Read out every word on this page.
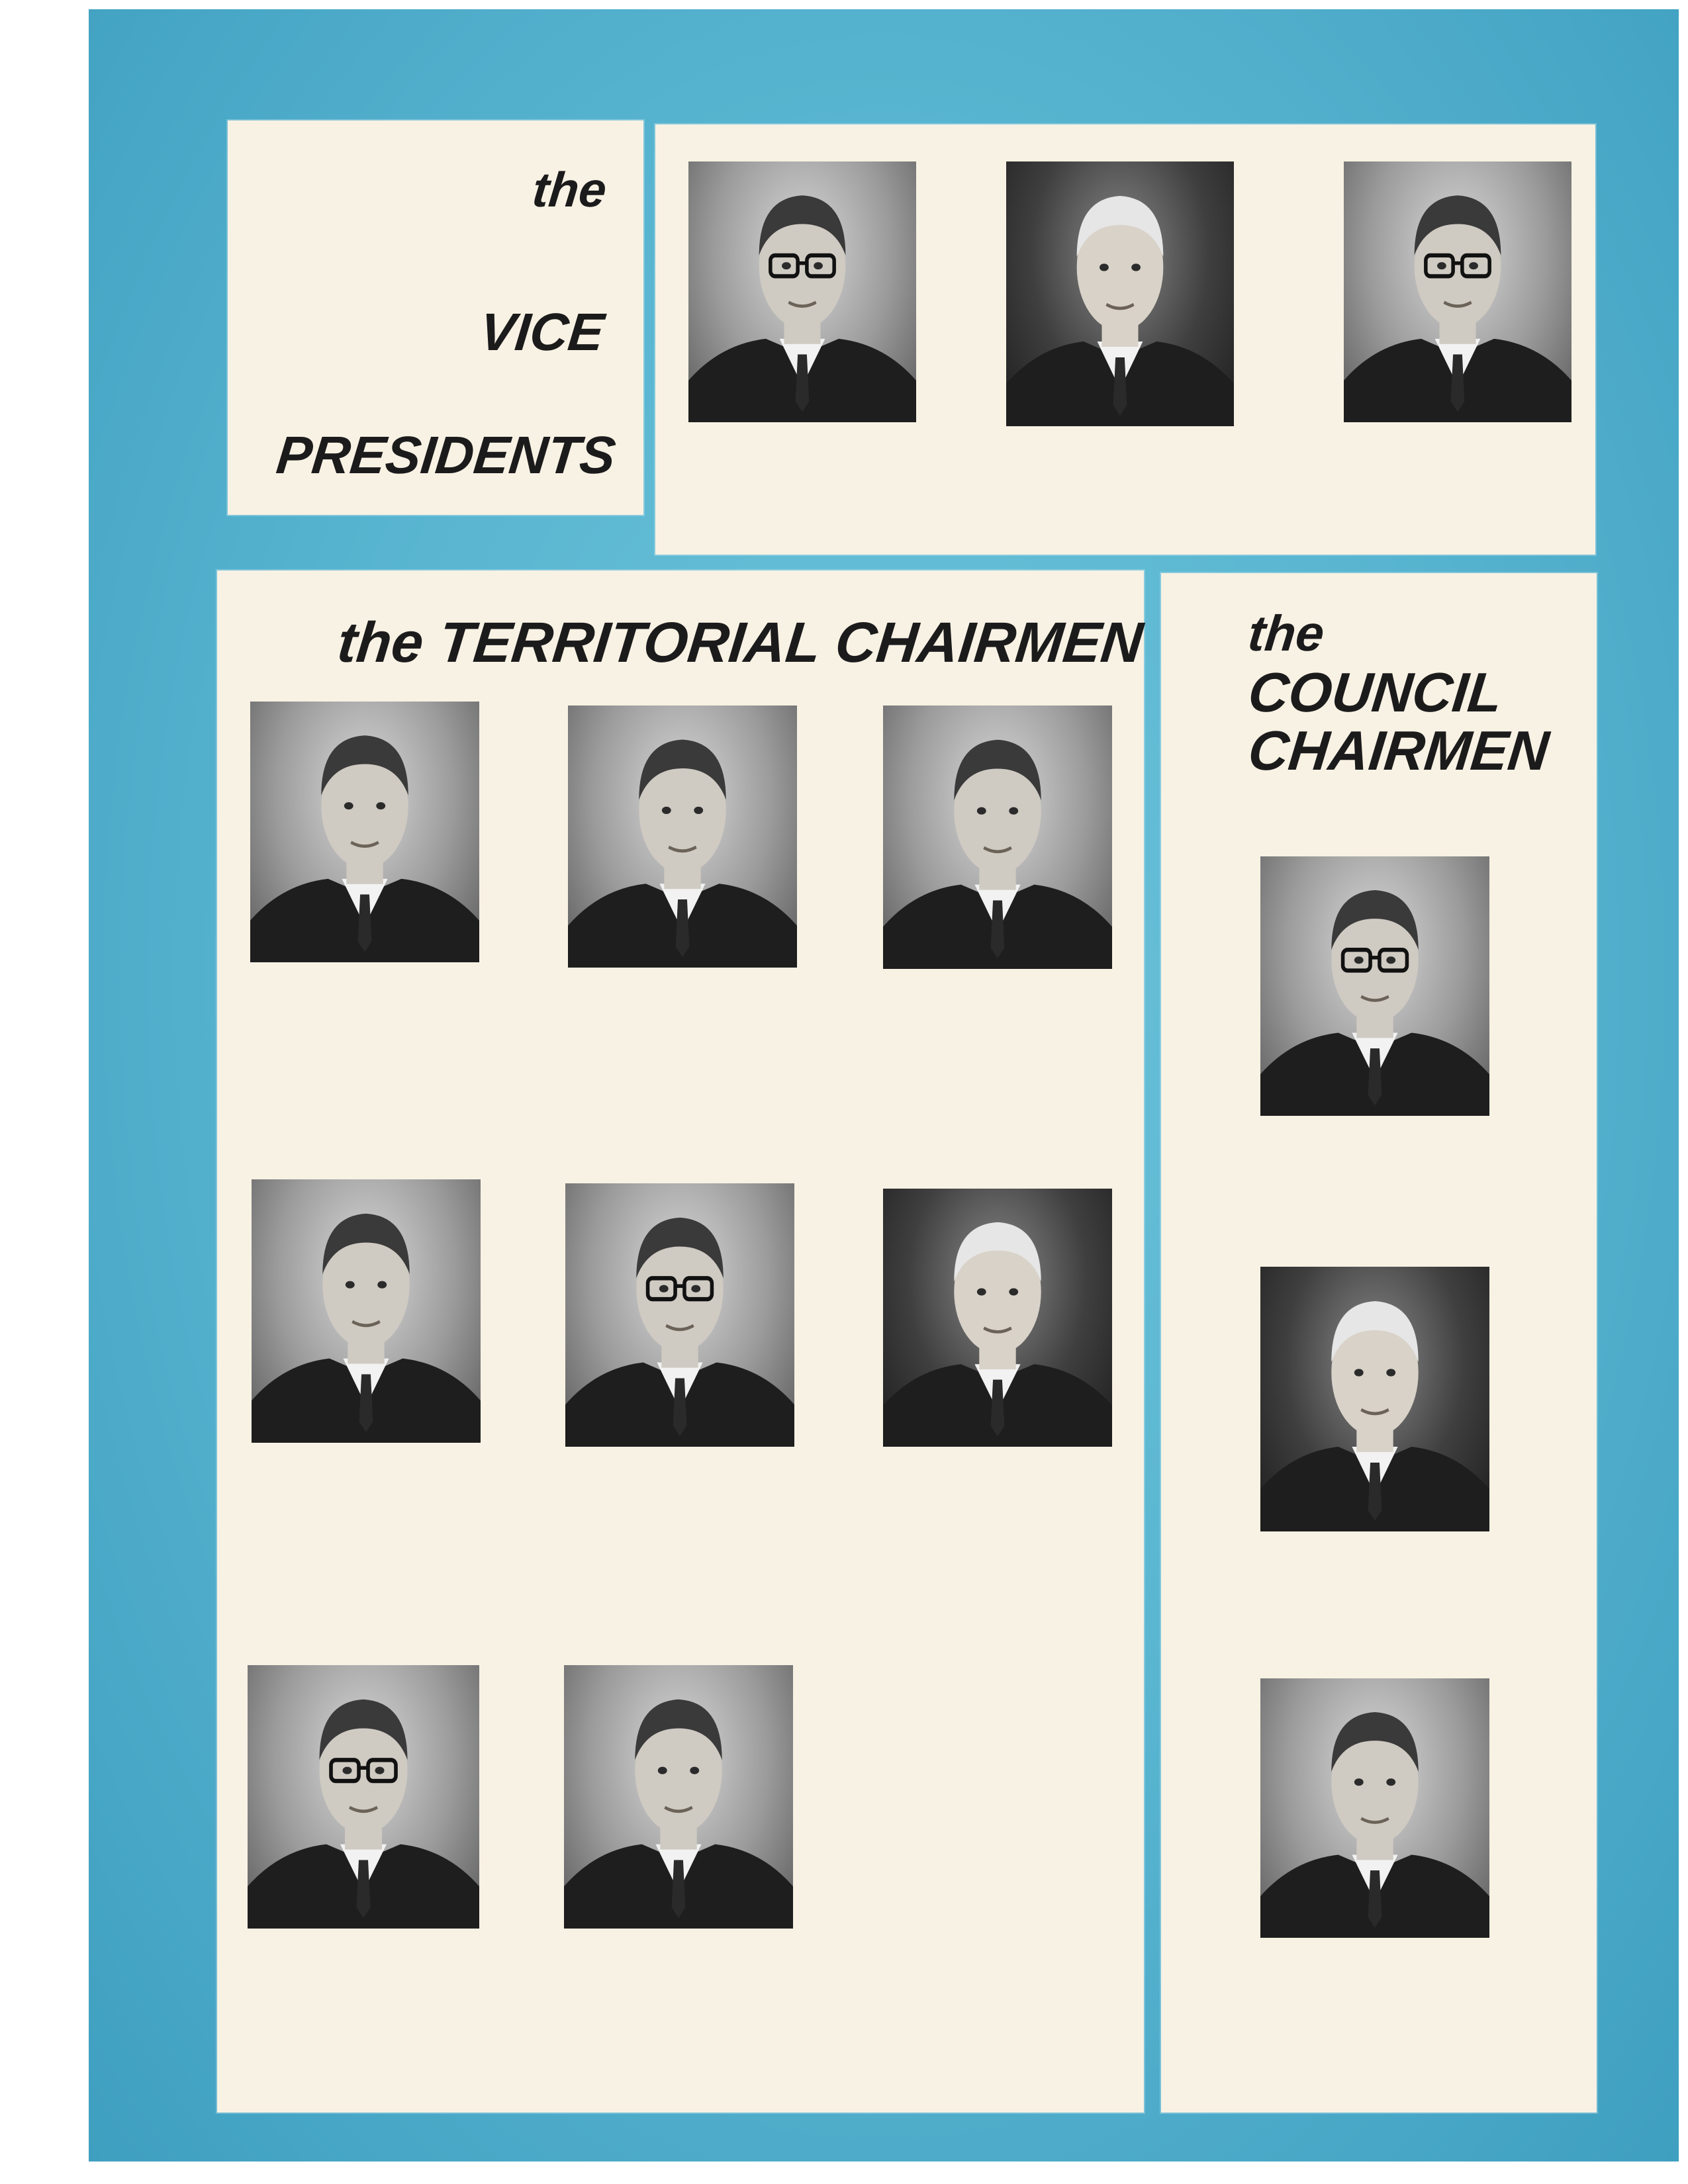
the
VICE
PRESIDENTS
the TERRITORIAL CHAIRMEN the
COUNCIL
CHAIRMEN
